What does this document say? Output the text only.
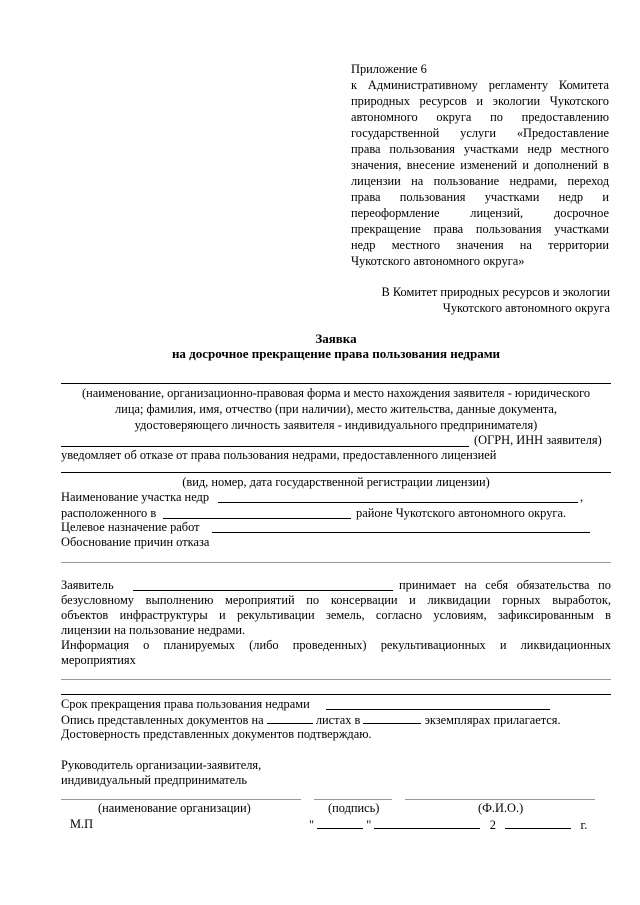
Приложение 6
к Административному регламенту Комитета
природных ресурсов и экологии Чукотского
автономного округа по предоставлению
государственной услуги «Предоставление
права пользования участками недр местного
значения, внесение изменений и дополнений в
лицензии на пользование недрами, переход
права пользования участками недр и
переоформление лицензий, досрочное
прекращение права пользования участками
недр местного значения на территории
Чукотского автономного округа»
В Комитет природных ресурсов и экологии
Чукотского автономного округа
Заявка
на досрочное прекращение права пользования недрами
(наименование, организационно-правовая форма и место нахождения заявителя - юридического
лица; фамилия, имя, отчество (при наличии), место жительства, данные документа,
удостоверяющего личность заявителя - индивидуального предпринимателя)
(ОГРН, ИНН заявителя)
уведомляет об отказе от права пользования недрами, предоставленного лицензией
(вид, номер, дата государственной регистрации лицензии)
Наименование участка недр	,
расположенного в	районе Чукотского автономного округа.
Целевое назначение работ
Обоснование причин отказа
Заявитель	принимает на себя обязательства по
безусловному выполнению мероприятий по консервации и ликвидации горных выработок,
объектов инфраструктуры и рекультивации земель, согласно условиям, зафиксированным в
лицензии на пользование недрами.
Информация о планируемых (либо проведенных) рекультивационных и ликвидационных
мероприятиях
Срок прекращения права пользования недрами
Опись представленных документов на	листах в	экземплярах прилагается.
Достоверность представленных документов подтверждаю.
Руководитель организации-заявителя,
индивидуальный предприниматель
(наименование организации)	(подпись)	(Ф.И.О.)
М.П	"	"	2	г.
